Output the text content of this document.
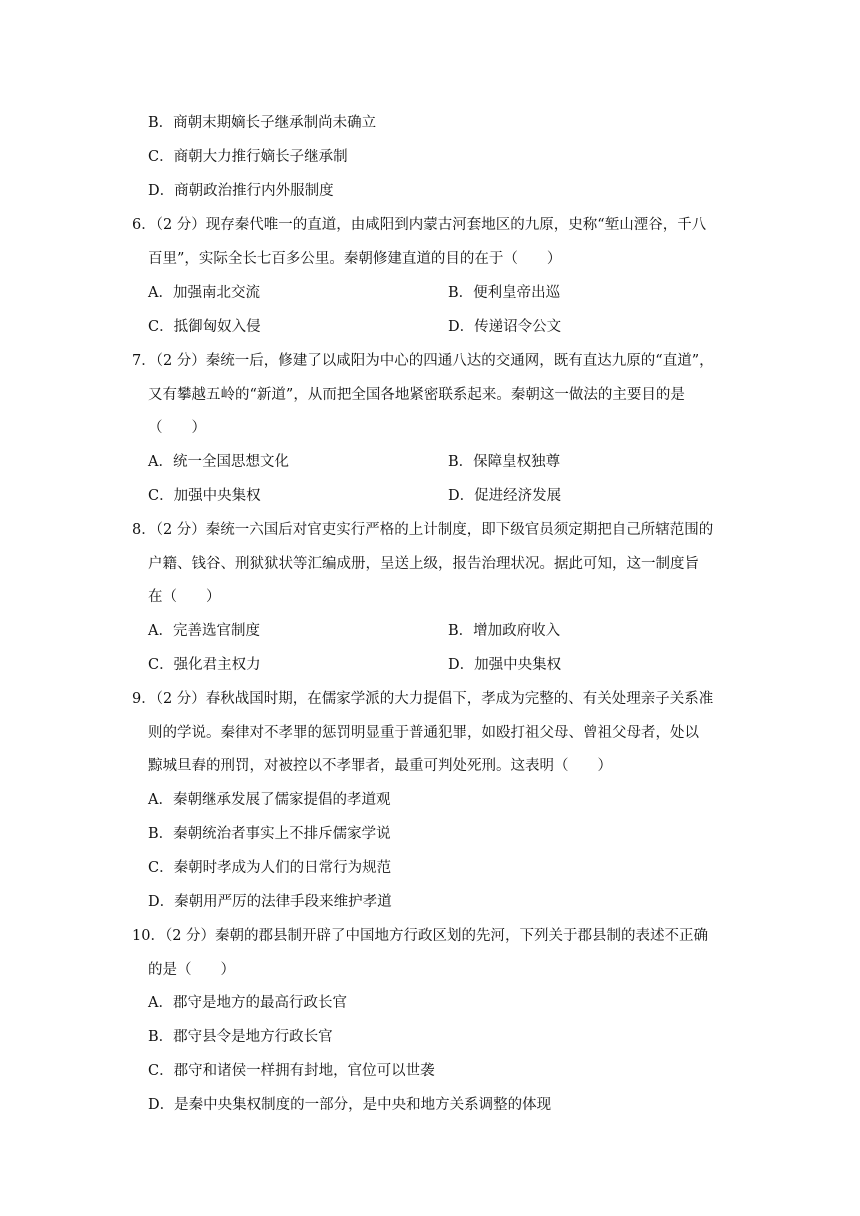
B．商朝末期嫡长子继承制尚未确立
C．商朝大力推行嫡长子继承制
D．商朝政治推行内外服制度
6．（2 分）现存秦代唯一的直道，由咸阳到内蒙古河套地区的九原，史称“堑山湮谷，千八
百里”，实际全长七百多公里。秦朝修建直道的目的在于（　　）
A．加强南北交流	B．便利皇帝出巡
C．抵御匈奴入侵	D．传递诏令公文
7．（2 分）秦统一后，修建了以咸阳为中心的四通八达的交通网，既有直达九原的“直道”，
又有攀越五岭的“新道”，从而把全国各地紧密联系起来。秦朝这一做法的主要目的是
（　　）
A．统一全国思想文化	B．保障皇权独尊
C．加强中央集权	D．促进经济发展
8．（2 分）秦统一六国后对官吏实行严格的上计制度，即下级官员须定期把自己所辖范围的
户籍、钱谷、刑狱狱状等汇编成册，呈送上级，报告治理状况。据此可知，这一制度旨
在（　　）
A．完善选官制度	B．增加政府收入
C．强化君主权力	D．加强中央集权
9．（2 分）春秋战国时期，在儒家学派的大力提倡下，孝成为完整的、有关处理亲子关系准
则的学说。秦律对不孝罪的惩罚明显重于普通犯罪，如殴打祖父母、曾祖父母者，处以
黥城旦舂的刑罚，对被控以不孝罪者，最重可判处死刑。这表明（　　）
A．秦朝继承发展了儒家提倡的孝道观
B．秦朝统治者事实上不排斥儒家学说
C．秦朝时孝成为人们的日常行为规范
D．秦朝用严厉的法律手段来维护孝道
10．（2 分）秦朝的郡县制开辟了中国地方行政区划的先河，下列关于郡县制的表述不正确
的是（　　）
A．郡守是地方的最高行政长官
B．郡守县令是地方行政长官
C．郡守和诸侯一样拥有封地，官位可以世袭
D．是秦中央集权制度的一部分，是中央和地方关系调整的体现
